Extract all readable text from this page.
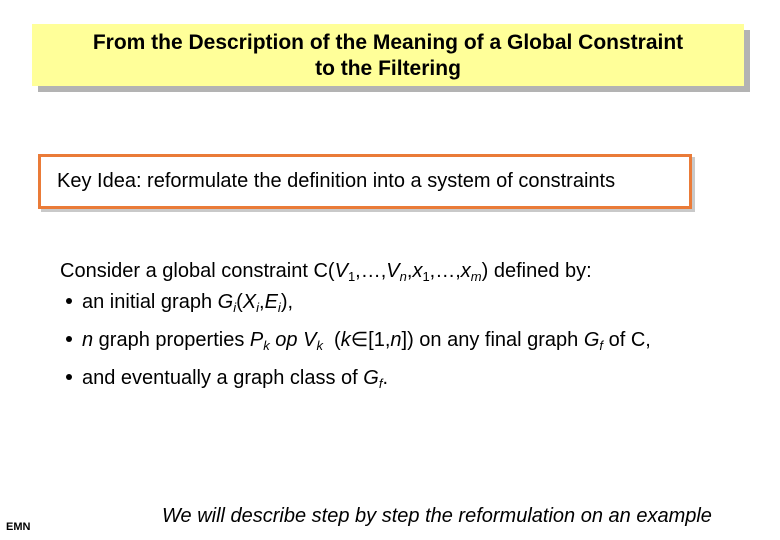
From the Description of the Meaning of a Global Constraint
to the Filtering
Key Idea: reformulate the definition into a system of constraints
Consider a global constraint $C(V_1,\dots,V_n,x_1,\dots,x_m)$ defined by:
an initial graph $G_i(X_i,E_i)$,
n graph properties $P_k$ op $V_k$  (k∈[1,n]) on any final graph $G_f$ of C,
and eventually a graph class of $G_f$.
We will describe step by step the reformulation on an example
EMN
